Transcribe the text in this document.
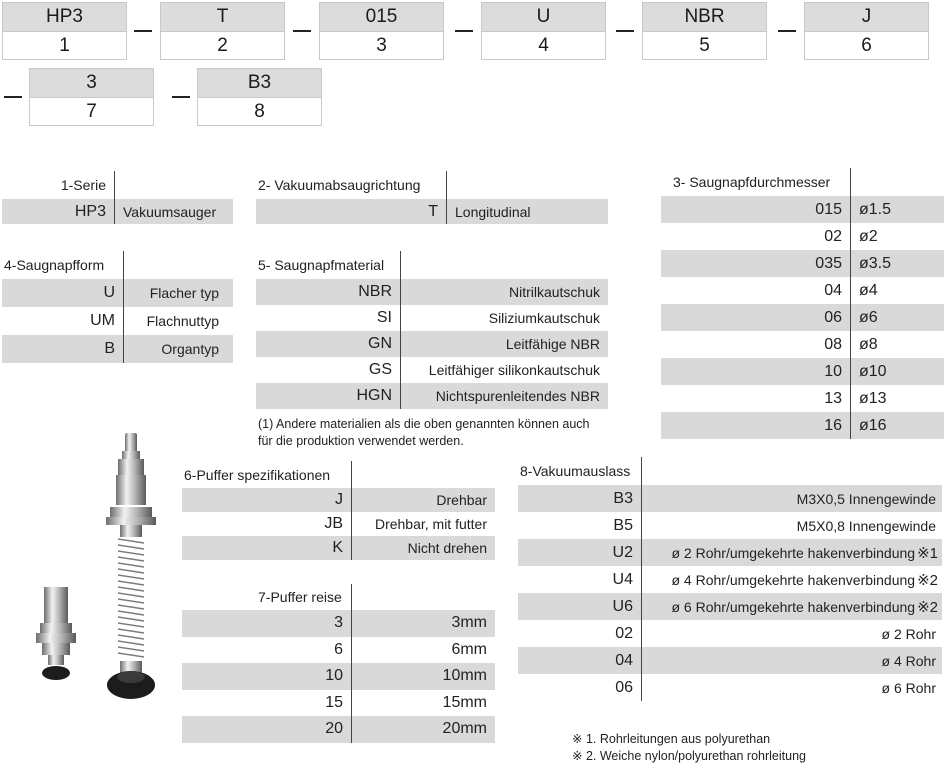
HP3
1
T
2
015
3
U
4
NBR
5
J
6
3
7
B3
8
1-Serie
HP3	Vakuumsauger
2- Vakuumabsaugrichtung
T	Longitudinal
3- Saugnapfdurchmesser
015	ø1.5
02	ø2
035	ø3.5
04	ø4
06	ø6
08	ø8
10	ø10
13	ø13
16	ø16
4-Saugnapfform
U	Flacher typ
UM	Flachnuttyp
B	Organtyp
5- Saugnapfmaterial
NBR	Nitrilkautschuk
SI	Siliziumkautschuk
GN	Leitfähige NBR
GS	Leitfähiger silikonkautschuk
HGN	Nichtspurenleitendes NBR
(1) Andere materialien als die oben genannten können auch
für die produktion verwendet werden.
6-Puffer spezifikationen
J	Drehbar
JB	Drehbar, mit futter
K	Nicht drehen
7-Puffer reise
3	3mm
6	6mm
10	10mm
15	15mm
20	20mm
8-Vakuumauslass
B3	M3X0,5 Innengewinde
B5	M5X0,8 Innengewinde
U2	ø 2 Rohr/umgekehrte hakenverbindung ※1
U4	ø 4 Rohr/umgekehrte hakenverbindung ※2
U6	ø 6 Rohr/umgekehrte hakenverbindung ※2
02	ø 2 Rohr
04	ø 4 Rohr
06	ø 6 Rohr
※ 1. Rohrleitungen aus polyurethan
※ 2. Weiche nylon/polyurethan rohrleitung
